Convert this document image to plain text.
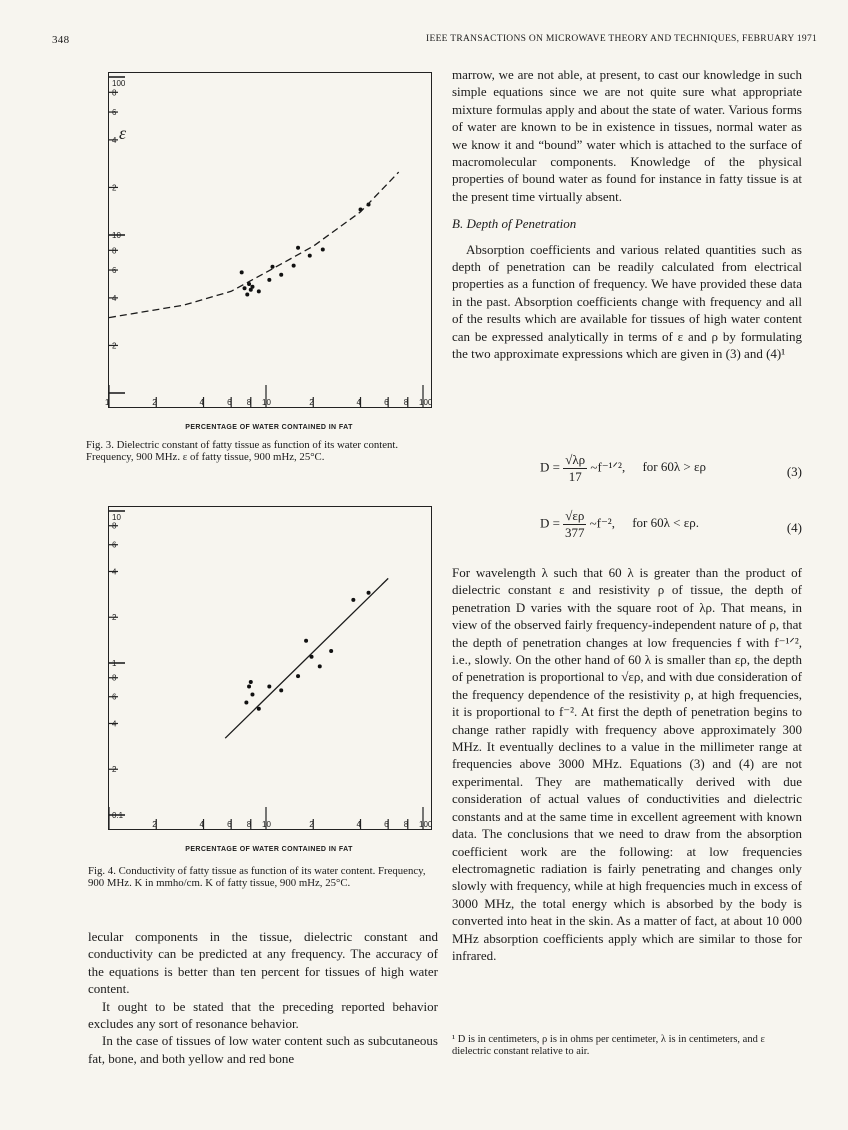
348	IEEE TRANSACTIONS ON MICROWAVE THEORY AND TECHNIQUES, FEBRUARY 1971
100
8
6
4
2
10
8
6
4
2
1	2	4	6 8 10	2	4	6 8 100
ε
PERCENTAGE OF WATER CONTAINED IN FAT
Fig. 3. Dielectric constant of fatty tissue as function of its water content. Frequency, 900 MHz. ε of fatty tissue, 900 mHz, 25°C.
10
8
6
4
2
1
8
6
4
2
0.1
2	4	6 8 10	2	4	6 8 100
PERCENTAGE OF WATER CONTAINED IN FAT
Fig. 4. Conductivity of fatty tissue as function of its water content. Frequency, 900 MHz. K in mmho/cm. K of fatty tissue, 900 mHz, 25°C.

lecular components in the tissue, dielectric constant and conductivity can be predicted at any frequency. The accuracy of the equations is better than ten percent for tissues of high water content.

It ought to be stated that the preceding reported behavior excludes any sort of resonance behavior.

In the case of tissues of low water content such as subcutaneous fat, bone, and both yellow and red bone

marrow, we are not able, at present, to cast our knowledge in such simple equations since we are not quite sure what appropriate mixture formulas apply and about the state of water. Various forms of water are known to be in existence in tissues, normal water as we know it and “bound” water which is attached to the surface of macromolecular components. Knowledge of the physical properties of bound water as found for instance in fatty tissue is at the present time virtually absent.

B. Depth of Penetration

Absorption coefficients and various related quantities such as depth of penetration can be readily calculated from electrical properties as a function of frequency. We have provided these data in the past. Absorption coefficients change with frequency and all of the results which are available for tissues of high water content can be expressed analytically in terms of ε and ρ by formulating the two approximate expressions which are given in (3) and (4)¹

$D = \frac{√\lambda\rho}{17}$ ~f⁻¹ᐟ², for 60λ > ερ	(3)
$D = \frac{√\varepsilon\rho}{377}$ ~f⁻², for 60λ < ερ.	(4)

For wavelength λ such that 60 λ is greater than the product of dielectric constant ε and resistivity ρ of tissue, the depth of penetration D varies with the square root of λρ. That means, in view of the observed fairly frequency-independent nature of ρ, that the depth of penetration changes at low frequencies f with f⁻¹ᐟ², i.e., slowly. On the other hand of 60 λ is smaller than ερ, the depth of penetration is proportional to √ερ, and with due consideration of the frequency dependence of the resistivity ρ, at high frequencies, it is proportional to f⁻². At first the depth of penetration begins to change rather rapidly with frequency above approximately 300 MHz. It eventually declines to a value in the millimeter range at frequencies above 3000 MHz. Equations (3) and (4) are not experimental. They are mathematically derived with due consideration of actual values of conductivities and dielectric constants and at the same time in excellent agreement with known data. The conclusions that we need to draw from the absorption coefficient work are the following: at low frequencies electromagnetic radiation is fairly penetrating and changes only slowly with frequency, while at high frequencies much in excess of 3000 MHz, the total energy which is absorbed by the body is converted into heat in the skin. As a matter of fact, at about 10 000 MHz absorption coefficients apply which are similar to those for infrared.

¹ D is in centimeters, ρ is in ohms per centimeter, λ is in centimeters, and ε dielectric constant relative to air.
